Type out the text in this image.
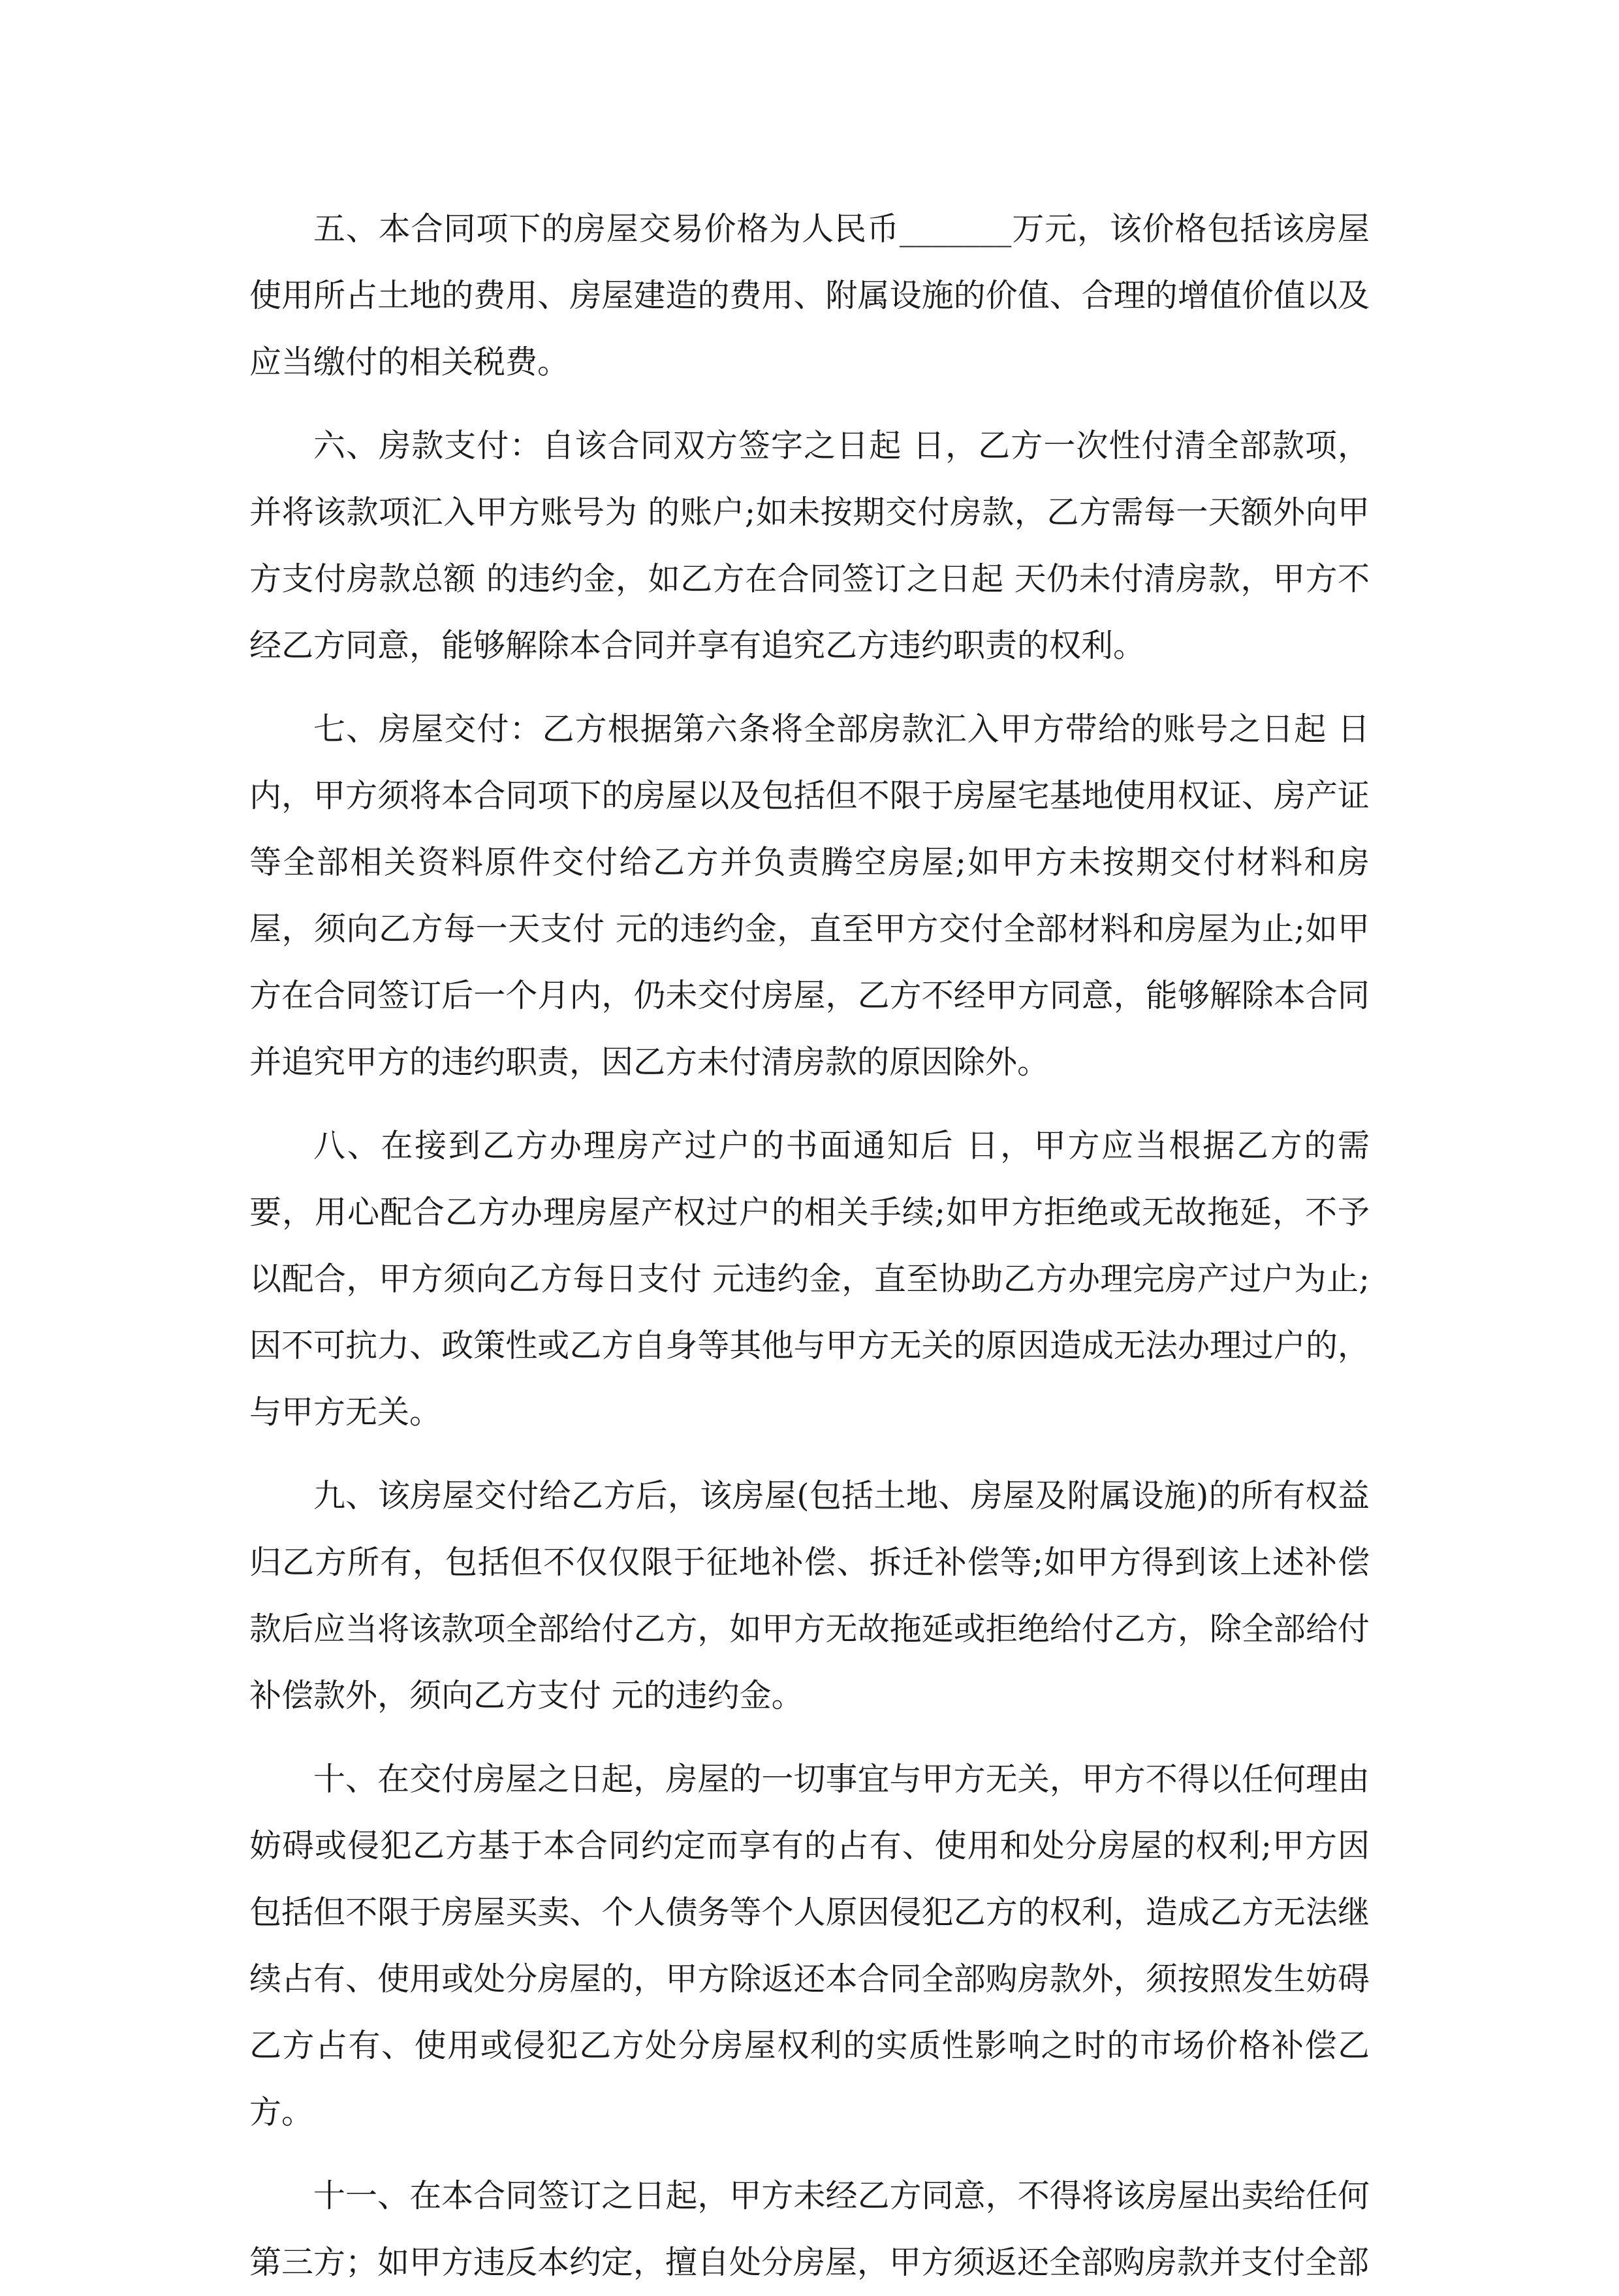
五、本合同项下的房屋交易价格为人民币_______万元，该价格包括该房屋使用所占土地的费用、房屋建造的费用、附属设施的价值、合理的增值价值以及应当缴付的相关税费。

六、房款支付：自该合同双方签字之日起 日，乙方一次性付清全部款项，并将该款项汇入甲方账号为 的账户;如未按期交付房款，乙方需每一天额外向甲方支付房款总额 的违约金，如乙方在合同签订之日起 天仍未付清房款，甲方不经乙方同意，能够解除本合同并享有追究乙方违约职责的权利。

七、房屋交付：乙方根据第六条将全部房款汇入甲方带给的账号之日起 日内，甲方须将本合同项下的房屋以及包括但不限于房屋宅基地使用权证、房产证等全部相关资料原件交付给乙方并负责腾空房屋;如甲方未按期交付材料和房屋，须向乙方每一天支付 元的违约金，直至甲方交付全部材料和房屋为止;如甲方在合同签订后一个月内，仍未交付房屋，乙方不经甲方同意，能够解除本合同并追究甲方的违约职责，因乙方未付清房款的原因除外。

八、在接到乙方办理房产过户的书面通知后 日，甲方应当根据乙方的需要，用心配合乙方办理房屋产权过户的相关手续;如甲方拒绝或无故拖延，不予以配合，甲方须向乙方每日支付 元违约金，直至协助乙方办理完房产过户为止;因不可抗力、政策性或乙方自身等其他与甲方无关的原因造成无法办理过户的，与甲方无关。

九、该房屋交付给乙方后，该房屋(包括土地、房屋及附属设施)的所有权益归乙方所有，包括但不仅仅限于征地补偿、拆迁补偿等;如甲方得到该上述补偿款后应当将该款项全部给付乙方，如甲方无故拖延或拒绝给付乙方，除全部给付补偿款外，须向乙方支付 元的违约金。

十、在交付房屋之日起，房屋的一切事宜与甲方无关，甲方不得以任何理由妨碍或侵犯乙方基于本合同约定而享有的占有、使用和处分房屋的权利;甲方因包括但不限于房屋买卖、个人债务等个人原因侵犯乙方的权利，造成乙方无法继续占有、使用或处分房屋的，甲方除返还本合同全部购房款外，须按照发生妨碍乙方占有、使用或侵犯乙方处分房屋权利的实质性影响之时的市场价格补偿乙方。

十一、在本合同签订之日起，甲方未经乙方同意，不得将该房屋出卖给任何第三方；如甲方违反本约定，擅自处分房屋，甲方须返还全部购房款并支付全部
